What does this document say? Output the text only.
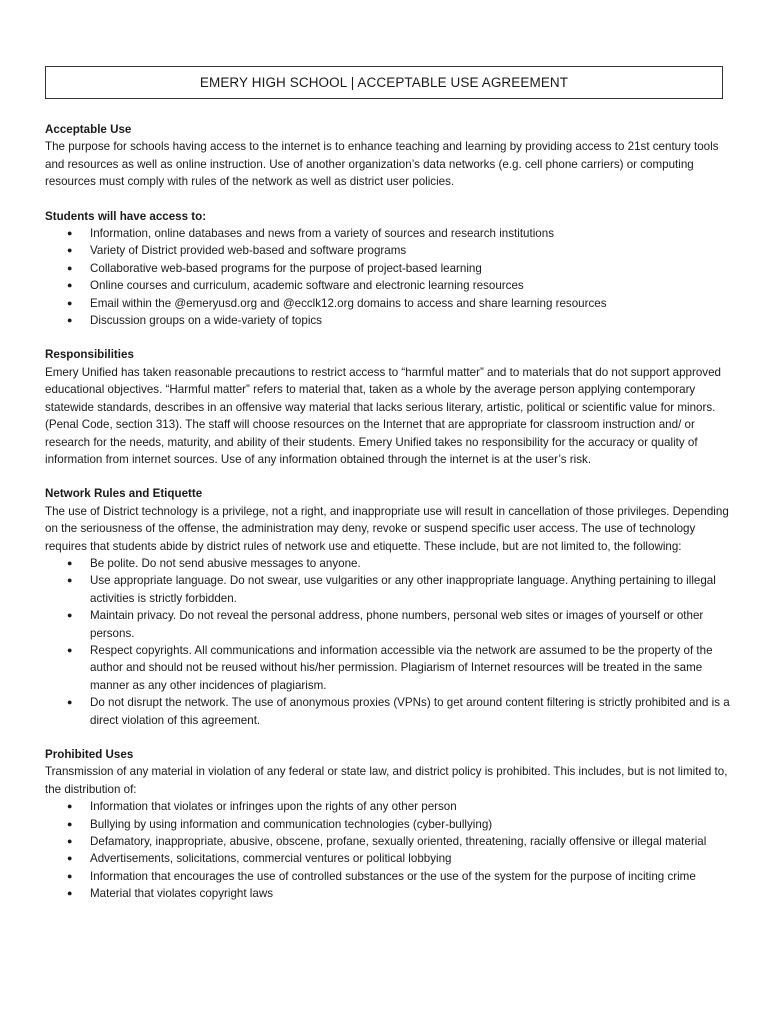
EMERY HIGH SCHOOL | ACCEPTABLE USE AGREEMENT
Acceptable Use

The purpose for schools having access to the internet is to enhance teaching and learning by providing access to 21st century tools and resources as well as online instruction. Use of another organization’s data networks (e.g. cell phone carriers) or computing resources must comply with rules of the network as well as district user policies.

Students will have access to:
● Information, online databases and news from a variety of sources and research institutions
● Variety of District provided web-based and software programs
● Collaborative web-based programs for the purpose of project-based learning
● Online courses and curriculum, academic software and electronic learning resources
● Email within the @emeryusd.org and @ecclk12.org domains to access and share learning resources
● Discussion groups on a wide-variety of topics
Responsibilities

Emery Unified has taken reasonable precautions to restrict access to “harmful matter” and to materials that do not support approved educational objectives. “Harmful matter” refers to material that, taken as a whole by the average person applying contemporary statewide standards, describes in an offensive way material that lacks serious literary, artistic, political or scientific value for minors. (Penal Code, section 313). The staff will choose resources on the Internet that are appropriate for classroom instruction and/ or research for the needs, maturity, and ability of their students. Emery Unified takes no responsibility for the accuracy or quality of information from internet sources. Use of any information obtained through the internet is at the user’s risk.

Network Rules and Etiquette

The use of District technology is a privilege, not a right, and inappropriate use will result in cancellation of those privileges. Depending on the seriousness of the offense, the administration may deny, revoke or suspend specific user access. The use of technology requires that students abide by district rules of network use and etiquette. These include, but are not limited to, the following:

● Be polite. Do not send abusive messages to anyone.
● Use appropriate language. Do not swear, use vulgarities or any other inappropriate language. Anything pertaining to illegal activities is strictly forbidden.
● Maintain privacy. Do not reveal the personal address, phone numbers, personal web sites or images of yourself or other persons.
● Respect copyrights. All communications and information accessible via the network are assumed to be the property of the author and should not be reused without his/her permission. Plagiarism of Internet resources will be treated in the same manner as any other incidences of plagiarism.
● Do not disrupt the network. The use of anonymous proxies (VPNs) to get around content filtering is strictly prohibited and is a direct violation of this agreement.
Prohibited Uses

Transmission of any material in violation of any federal or state law, and district policy is prohibited. This includes, but is not limited to, the distribution of:

● Information that violates or infringes upon the rights of any other person
● Bullying by using information and communication technologies (cyber-bullying)
● Defamatory, inappropriate, abusive, obscene, profane, sexually oriented, threatening, racially offensive or illegal material
● Advertisements, solicitations, commercial ventures or political lobbying
● Information that encourages the use of controlled substances or the use of the system for the purpose of inciting crime
● Material that violates copyright laws
